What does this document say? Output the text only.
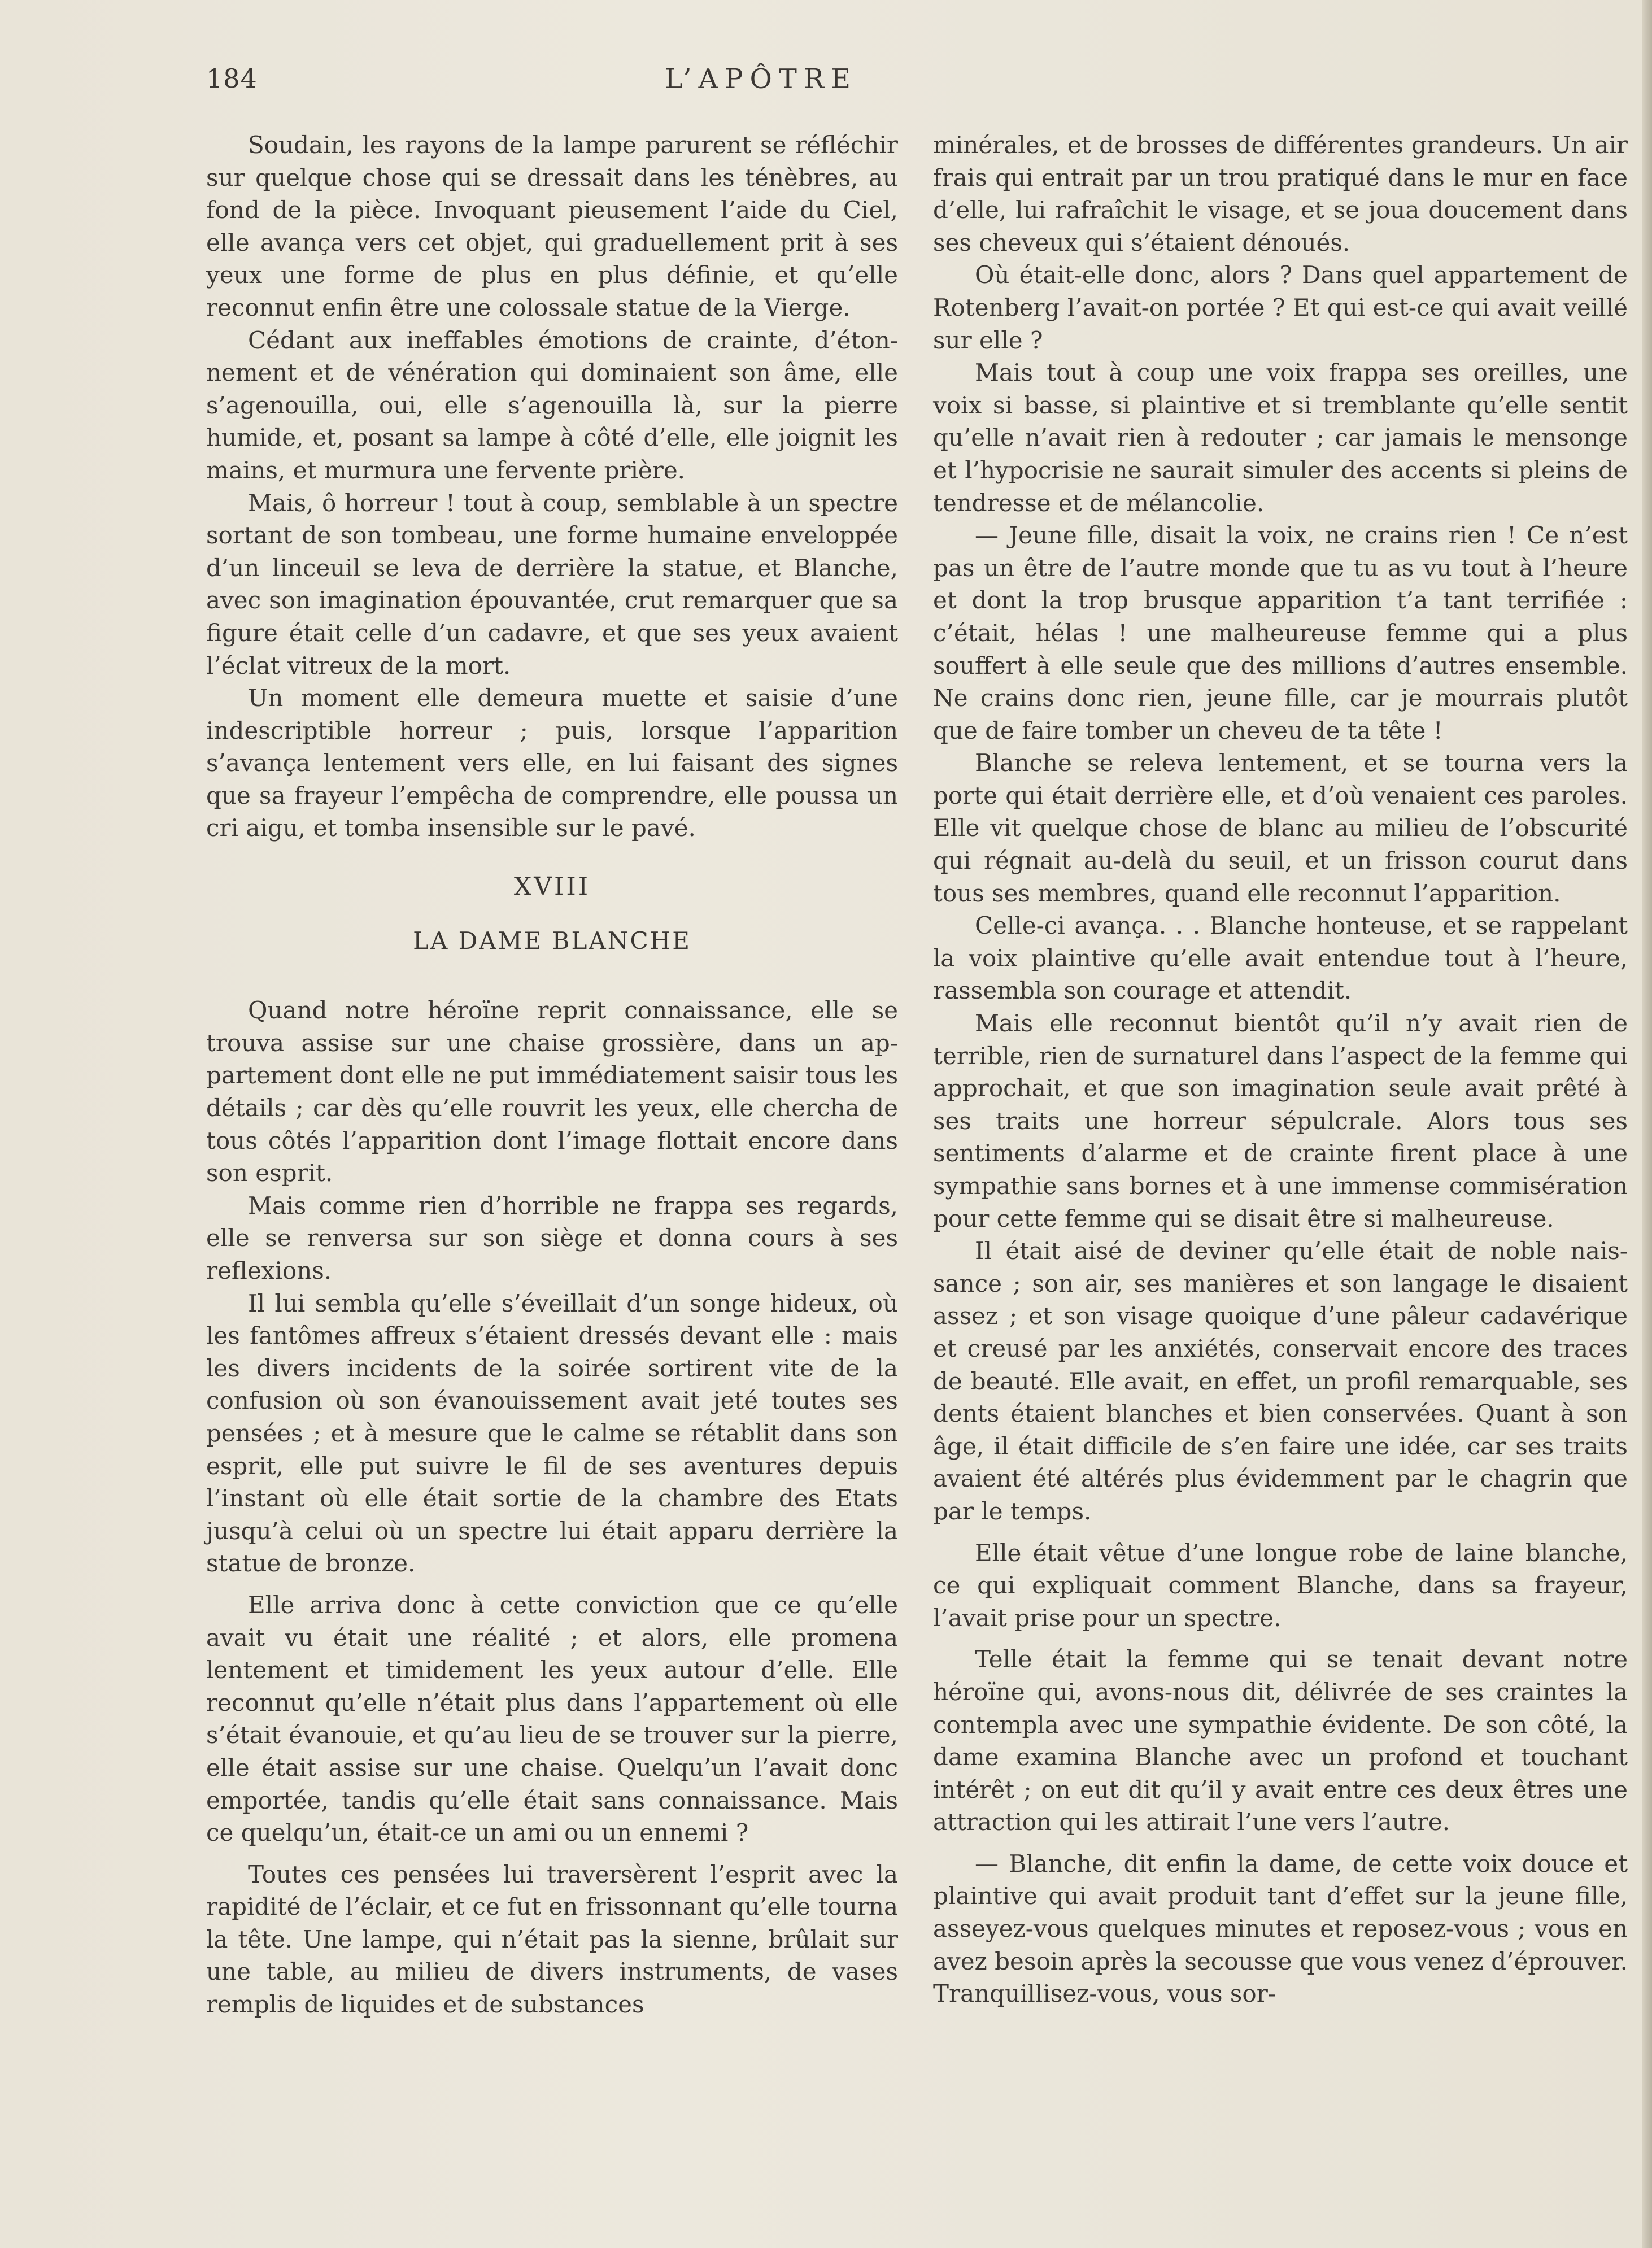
184	L’APÔTRE

Soudain, les rayons de la lampe parurent se réfléchir sur quelque chose qui se dressait dans les ténèbres, au fond de la pièce. Invoquant pieusement l’aide du Ciel, elle avança vers cet objet, qui graduellement prit à ses yeux une forme de plus en plus définie, et qu’elle reconnut enfin être une colossale statue de la Vierge.

Cédant aux ineffables émotions de crainte, d’étonnement et de vénération qui dominaient son âme, elle s’agenouilla, oui, elle s’agenouilla là, sur la pierre humide, et, posant sa lampe à côté d’elle, elle joignit les mains, et murmura une fervente prière.

Mais, ô horreur ! tout à coup, semblable à un spectre sortant de son tombeau, une forme humaine enveloppée d’un linceuil se leva de derrière la statue, et Blanche, avec son imagination épouvantée, crut remarquer que sa figure était celle d’un cadavre, et que ses yeux avaient l’éclat vitreux de la mort.

Un moment elle demeura muette et saisie d’une indescriptible horreur ; puis, lorsque l’apparition s’avança lentement vers elle, en lui faisant des signes que sa frayeur l’empêcha de comprendre, elle poussa un cri aigu, et tomba insensible sur le pavé.

XVIII
LA DAME BLANCHE

Quand notre héroïne reprit connaissance, elle se trouva assise sur une chaise grossière, dans un appartement dont elle ne put immédiatement saisir tous les détails ; car dès qu’elle rouvrit les yeux, elle chercha de tous côtés l’apparition dont l’image flottait encore dans son esprit.

Mais comme rien d’horrible ne frappa ses regards, elle se renversa sur son siège et donna cours à ses reflexions.

Il lui sembla qu’elle s’éveillait d’un songe hideux, où les fantômes affreux s’étaient dressés devant elle : mais les divers incidents de la soirée sortirent vite de la confusion où son évanouissement avait jeté toutes ses pensées ; et à mesure que le calme se rétablit dans son esprit, elle put suivre le fil de ses aventures depuis l’instant où elle était sortie de la chambre des Etats jusqu’à celui où un spectre lui était apparu derrière la statue de bronze.

Elle arriva donc à cette conviction que ce qu’elle avait vu était une réalité ; et alors, elle promena lentement et timidement les yeux autour d’elle. Elle reconnut qu’elle n’était plus dans l’appartement où elle s’était évanouie, et qu’au lieu de se trouver sur la pierre, elle était assise sur une chaise. Quelqu’un l’avait donc emportée, tandis qu’elle était sans connaissance. Mais ce quelqu’un, était-ce un ami ou un ennemi ?

Toutes ces pensées lui traversèrent l’esprit avec la rapidité de l’éclair, et ce fut en frissonnant qu’elle tourna la tête. Une lampe, qui n’était pas la sienne, brûlait sur une table, au milieu de divers instruments, de vases remplis de liquides et de substances

minérales, et de brosses de différentes grandeurs. Un air frais qui entrait par un trou pratiqué dans le mur en face d’elle, lui rafraîchit le visage, et se joua doucement dans ses cheveux qui s’étaient dénoués.

Où était-elle donc, alors ? Dans quel appartement de Rotenberg l’avait-on portée ? Et qui est-ce qui avait veillé sur elle ?

Mais tout à coup une voix frappa ses oreilles, une voix si basse, si plaintive et si tremblante qu’elle sentit qu’elle n’avait rien à redouter ; car jamais le mensonge et l’hypocrisie ne saurait simuler des accents si pleins de tendresse et de mélancolie.

— Jeune fille, disait la voix, ne crains rien ! Ce n’est pas un être de l’autre monde que tu as vu tout à l’heure et dont la trop brusque apparition t’a tant terrifiée : c’était, hélas ! une malheureuse femme qui a plus souffert à elle seule que des millions d’autres ensemble. Ne crains donc rien, jeune fille, car je mourrais plutôt que de faire tomber un cheveu de ta tête !

Blanche se releva lentement, et se tourna vers la porte qui était derrière elle, et d’où venaient ces paroles. Elle vit quelque chose de blanc au milieu de l’obscurité qui régnait au-delà du seuil, et un frisson courut dans tous ses membres, quand elle reconnut l’apparition.

Celle-ci avança. . . Blanche honteuse, et se rappelant la voix plaintive qu’elle avait entendue tout à l’heure, rassembla son courage et attendit.

Mais elle reconnut bientôt qu’il n’y avait rien de terrible, rien de surnaturel dans l’aspect de la femme qui approchait, et que son imagination seule avait prêté à ses traits une horreur sépulcrale. Alors tous ses sentiments d’alarme et de crainte firent place à une sympathie sans bornes et à une immense commisération pour cette femme qui se disait être si malheureuse.

Il était aisé de deviner qu’elle était de noble naissance ; son air, ses manières et son langage le disaient assez ; et son visage quoique d’une pâleur cadavérique et creusé par les anxiétés, conservait encore des traces de beauté. Elle avait, en effet, un profil remarquable, ses dents étaient blanches et bien conservées. Quant à son âge, il était difficile de s’en faire une idée, car ses traits avaient été altérés plus évidemment par le chagrin que par le temps.

Elle était vêtue d’une longue robe de laine blanche, ce qui expliquait comment Blanche, dans sa frayeur, l’avait prise pour un spectre.

Telle était la femme qui se tenait devant notre héroïne qui, avons-nous dit, délivrée de ses craintes la contempla avec une sympathie évidente. De son côté, la dame examina Blanche avec un profond et touchant intérêt ; on eut dit qu’il y avait entre ces deux êtres une attraction qui les attirait l’une vers l’autre.

— Blanche, dit enfin la dame, de cette voix douce et plaintive qui avait produit tant d’effet sur la jeune fille, asseyez-vous quelques minutes et reposez-vous ; vous en avez besoin après la secousse que vous venez d’éprouver. Tranquillisez-vous, vous sor-
